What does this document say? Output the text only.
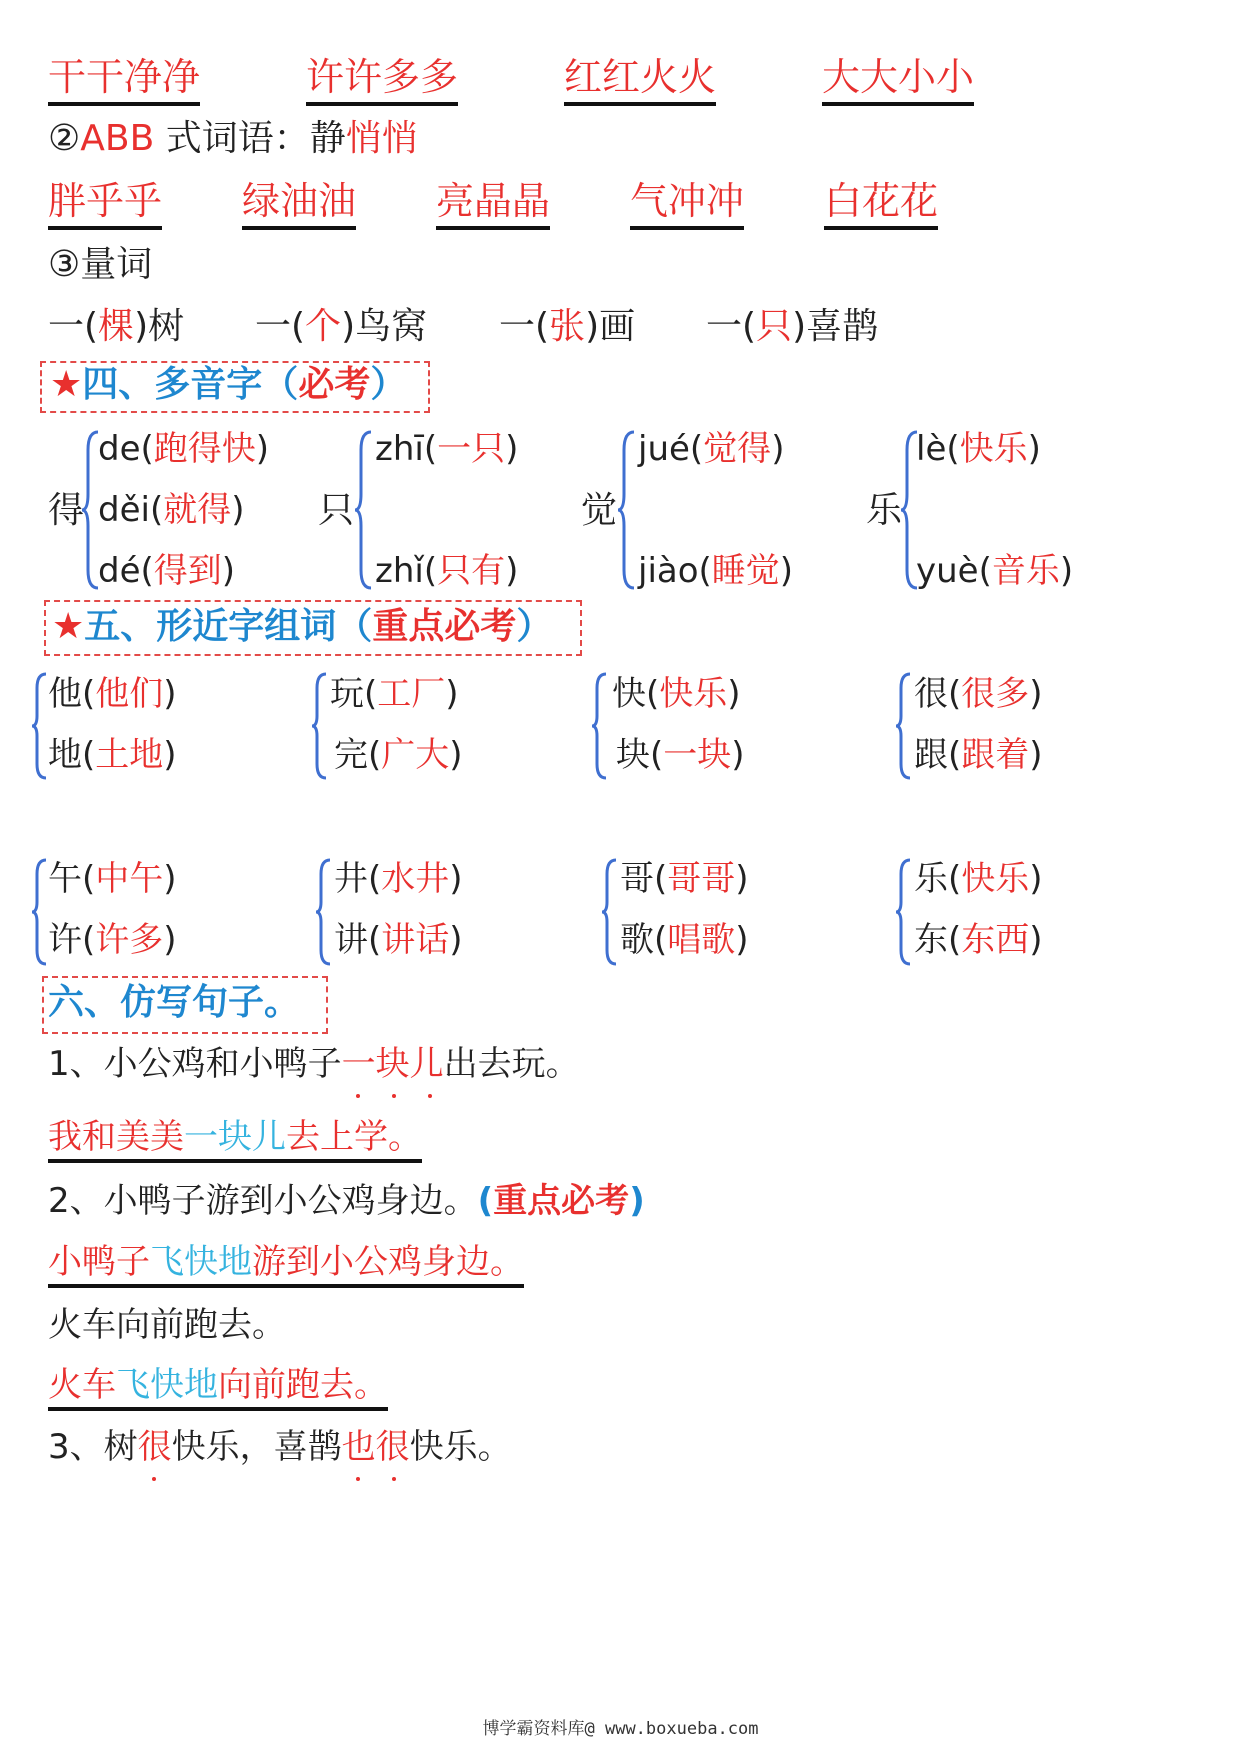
干干净净	许许多多	红红火火	大大小小
②ABB 式词语：静悄悄
胖乎乎 绿油油 亮晶晶 气冲冲 白花花
③量词
一(棵)树 一(个)鸟窝 一(张)画 一(只)喜鹊
★四、多音字（必考）
得
de(跑得快)
děi(就得)
dé(得到)
只
zhī(一只)
zhǐ(只有)
觉
jué(觉得)
jiào(睡觉)
乐
lè(快乐)
yuè(音乐)
★五、形近字组词（重点必考）
他(他们)
地(土地)
玩(工厂)
完(广大)
快(快乐)
块(一块)
很(很多)
跟(跟着)
午(中午)
许(许多)
井(水井)
讲(讲话)
哥(哥哥)
歌(唱歌)
乐(快乐)
东(东西)
六、仿写句子。
1、小公鸡和小鸭子一块儿
出去玩。
我和美美一块儿去上学。
2、小鸭子游到小公鸡身边。(重点必考)
小鸭子飞快地游到小公鸡身边。
火车向前跑去。
火车飞快地向前跑去。
3、树很
快乐，喜鹊也很
快乐。
博学霸资料库@ www.boxueba.com
